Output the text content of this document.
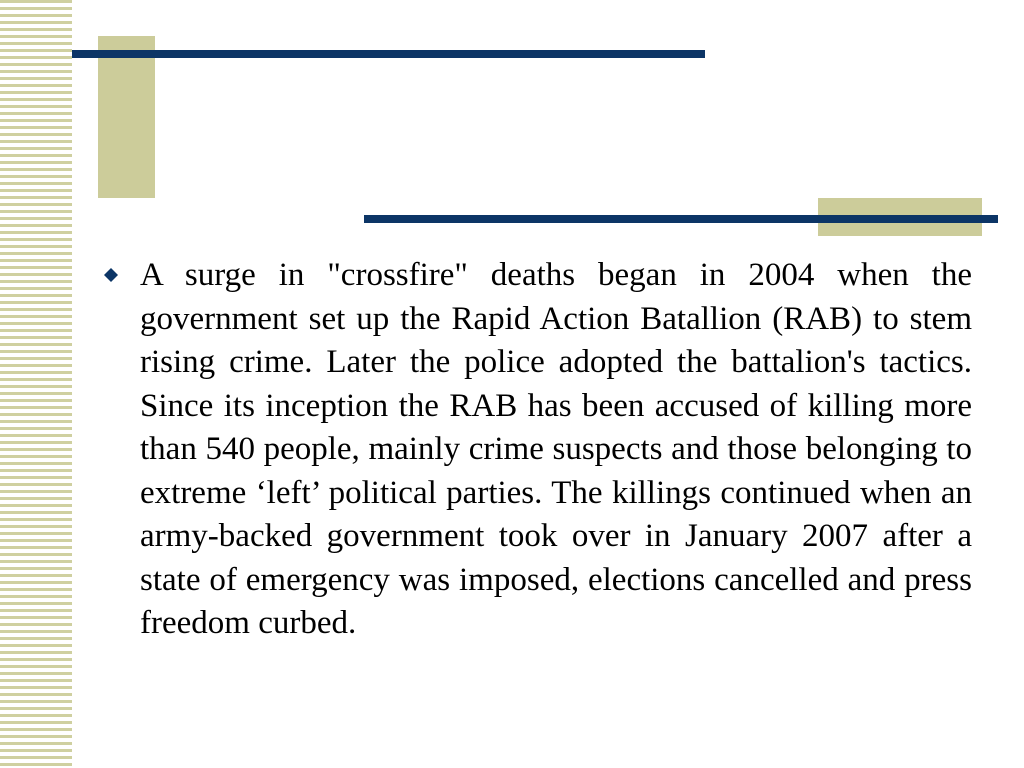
A surge in "crossfire" deaths began in 2004 when the government set up the Rapid Action Batallion (RAB) to stem rising crime. Later the police adopted the battalion's tactics. Since its inception the RAB has been accused of killing more than 540 people, mainly crime suspects and those belonging to extreme ‘left’ political parties. The killings continued when an army-backed government took over in January 2007 after a state of emergency was imposed, elections cancelled and press freedom curbed.
